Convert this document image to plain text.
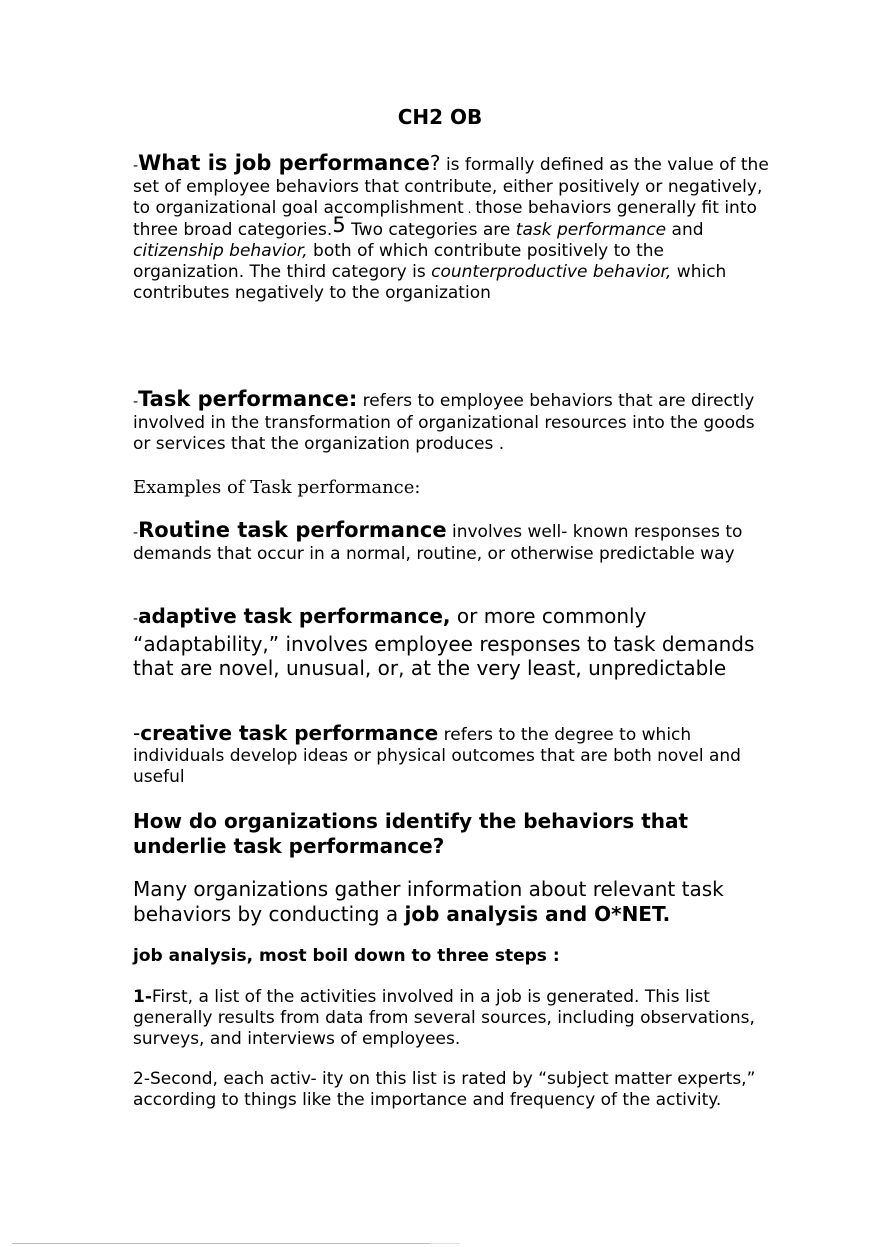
CH2 OB
-What is job performance? is formally defined as the value of the set of employee behaviors that contribute, either positively or negatively, to organizational goal accomplishment . those behaviors generally fit into three broad categories.5 Two categories are task performance and citizenship behavior, both of which contribute positively to the organization. The third category is counterproductive behavior, which contributes negatively to the organization
-Task performance: refers to employee behaviors that are directly involved in the transformation of organizational resources into the goods or services that the organization produces .
Examples of Task performance:
-Routine task performance involves well- known responses to demands that occur in a normal, routine, or otherwise predictable way
-adaptive task performance, or more commonly “adaptability,” involves employee responses to task demands that are novel, unusual, or, at the very least, unpredictable
-creative task performance refers to the degree to which individuals develop ideas or physical outcomes that are both novel and useful
How do organizations identify the behaviors that underlie task performance?
Many organizations gather information about relevant task behaviors by conducting a job analysis and O*NET.
job analysis, most boil down to three steps :
1-First, a list of the activities involved in a job is generated. This list generally results from data from several sources, including observations, surveys, and interviews of employees.
2-Second, each activ- ity on this list is rated by “subject matter experts,” according to things like the importance and frequency of the activity.
